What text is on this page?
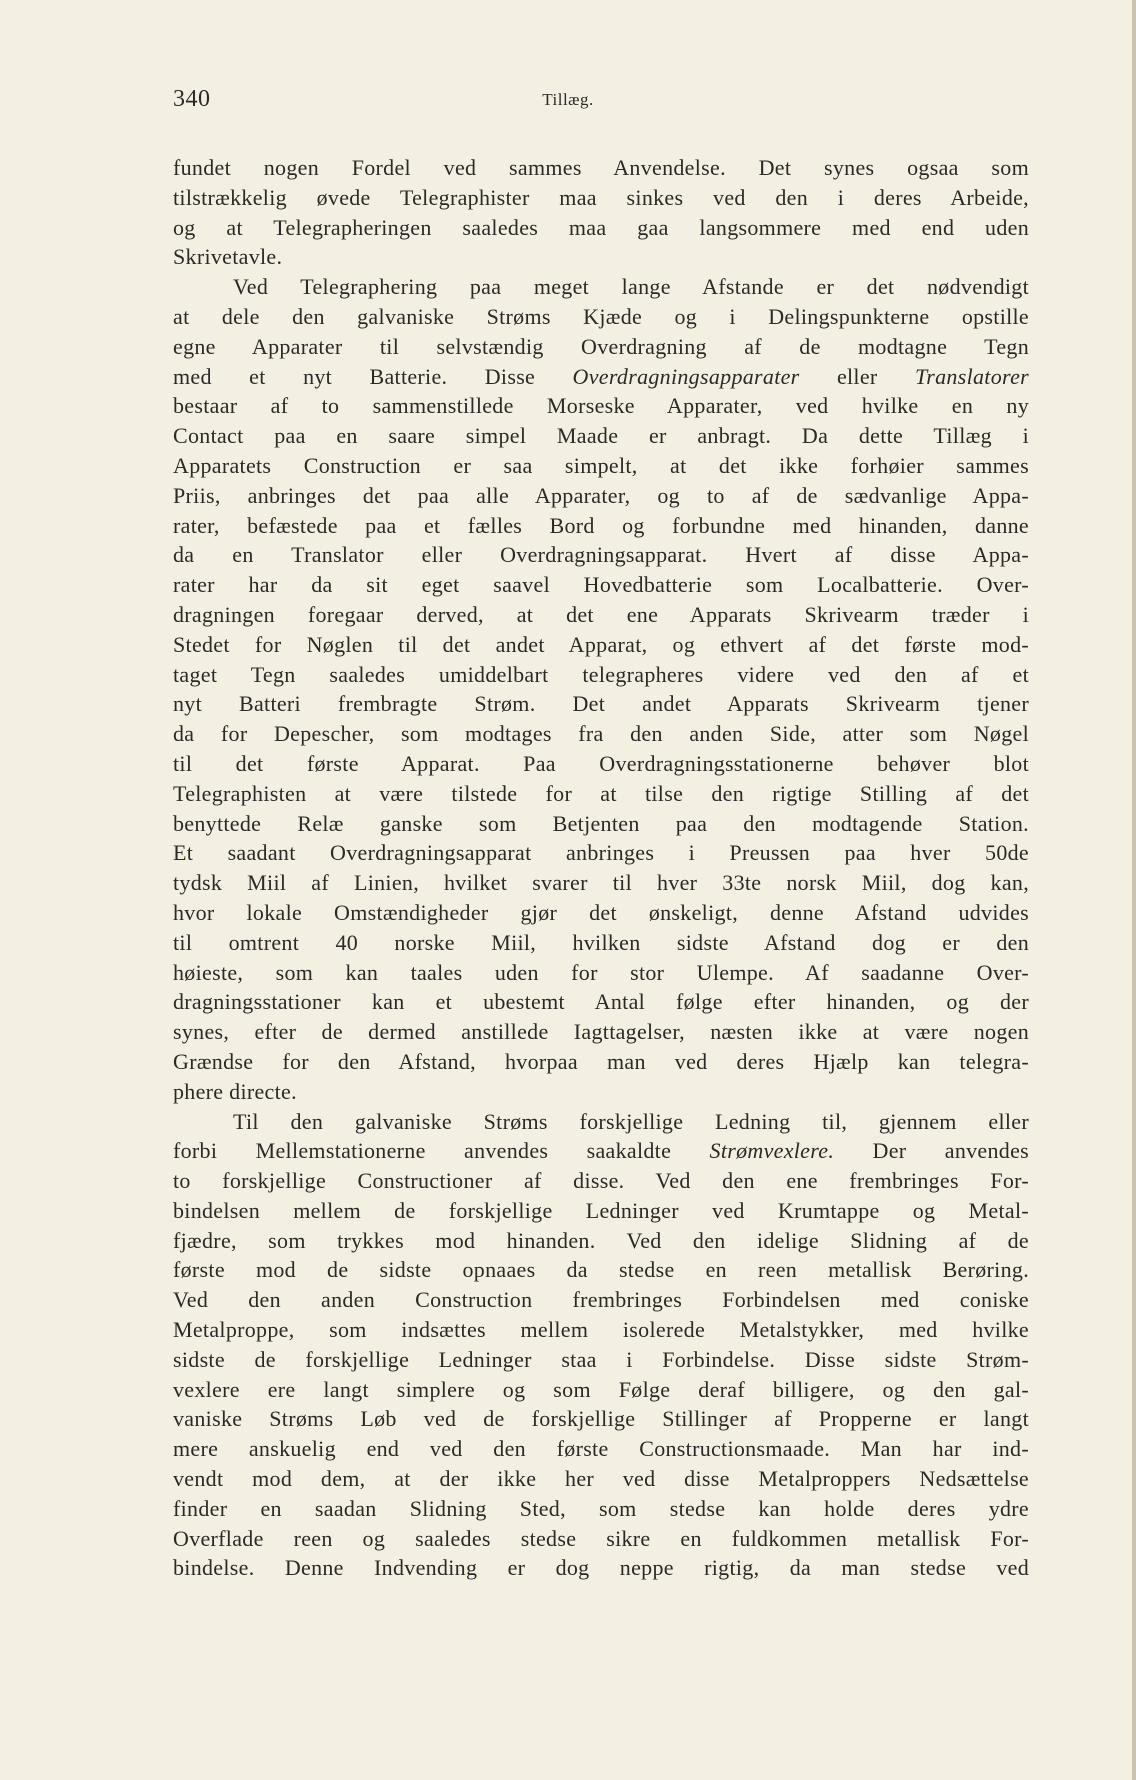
340	Tillæg.
fundet nogen Fordel ved sammes Anvendelse. Det synes ogsaa som
tilstrækkelig øvede Telegraphister maa sinkes ved den i deres Arbeide,
og at Telegrapheringen saaledes maa gaa langsommere med end uden
Skrivetavle.
Ved Telegraphering paa meget lange Afstande er det nødvendigt
at dele den galvaniske Strøms Kjæde og i Delingspunkterne opstille
egne Apparater til selvstændig Overdragning af de modtagne Tegn
med et nyt Batterie. Disse Overdragningsapparater eller Translatorer
bestaar af to sammenstillede Morseske Apparater, ved hvilke en ny
Contact paa en saare simpel Maade er anbragt. Da dette Tillæg i
Apparatets Construction er saa simpelt, at det ikke forhøier sammes
Priis, anbringes det paa alle Apparater, og to af de sædvanlige Appa-
rater, befæstede paa et fælles Bord og forbundne med hinanden, danne
da en Translator eller Overdragningsapparat. Hvert af disse Appa-
rater har da sit eget saavel Hovedbatterie som Localbatterie. Over-
dragningen foregaar derved, at det ene Apparats Skrivearm træder i
Stedet for Nøglen til det andet Apparat, og ethvert af det første mod-
taget Tegn saaledes umiddelbart telegrapheres videre ved den af et
nyt Batteri frembragte Strøm. Det andet Apparats Skrivearm tjener
da for Depescher, som modtages fra den anden Side, atter som Nøgel
til det første Apparat. Paa Overdragningsstationerne behøver blot
Telegraphisten at være tilstede for at tilse den rigtige Stilling af det
benyttede Relæ ganske som Betjenten paa den modtagende Station.
Et saadant Overdragningsapparat anbringes i Preussen paa hver 50de
tydsk Miil af Linien, hvilket svarer til hver 33te norsk Miil, dog kan,
hvor lokale Omstændigheder gjør det ønskeligt, denne Afstand udvides
til omtrent 40 norske Miil, hvilken sidste Afstand dog er den
høieste, som kan taales uden for stor Ulempe. Af saadanne Over-
dragningsstationer kan et ubestemt Antal følge efter hinanden, og der
synes, efter de dermed anstillede Iagttagelser, næsten ikke at være nogen
Grændse for den Afstand, hvorpaa man ved deres Hjælp kan telegra-
phere directe.
Til den galvaniske Strøms forskjellige Ledning til, gjennem eller
forbi Mellemstationerne anvendes saakaldte Strømvexlere. Der anvendes
to forskjellige Constructioner af disse. Ved den ene frembringes For-
bindelsen mellem de forskjellige Ledninger ved Krumtappe og Metal-
fjædre, som trykkes mod hinanden. Ved den idelige Slidning af de
første mod de sidste opnaaes da stedse en reen metallisk Berøring.
Ved den anden Construction frembringes Forbindelsen med coniske
Metalproppe, som indsættes mellem isolerede Metalstykker, med hvilke
sidste de forskjellige Ledninger staa i Forbindelse. Disse sidste Strøm-
vexlere ere langt simplere og som Følge deraf billigere, og den gal-
vaniske Strøms Løb ved de forskjellige Stillinger af Propperne er langt
mere anskuelig end ved den første Constructionsmaade. Man har ind-
vendt mod dem, at der ikke her ved disse Metalproppers Nedsættelse
finder en saadan Slidning Sted, som stedse kan holde deres ydre
Overflade reen og saaledes stedse sikre en fuldkommen metallisk For-
bindelse. Denne Indvending er dog neppe rigtig, da man stedse ved
